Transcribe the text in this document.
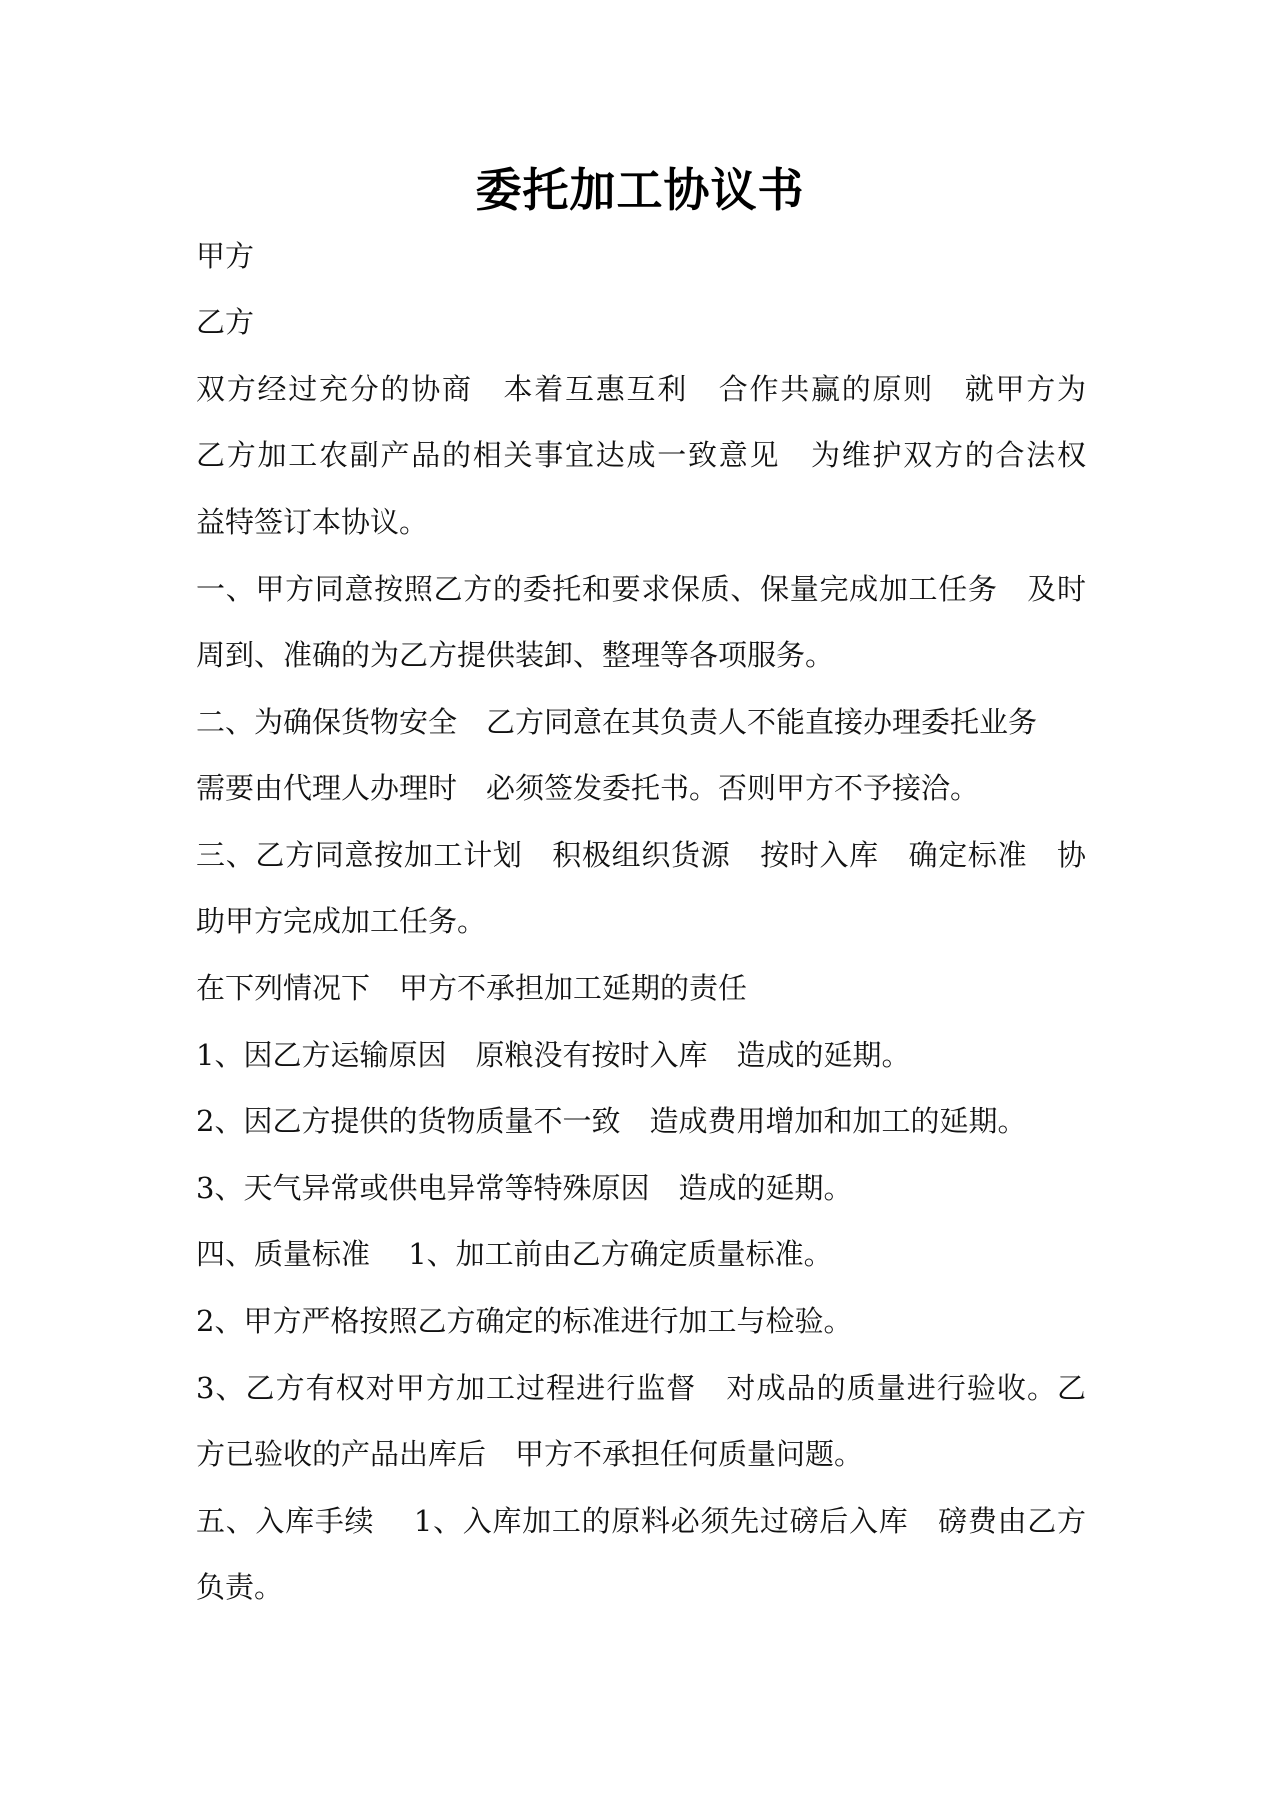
委托加工协议书
甲方
乙方
双方经过充分的协商　本着互惠互利　合作共赢的原则　就甲方为
乙方加工农副产品的相关事宜达成一致意见　为维护双方的合法权
益特签订本协议。
一、甲方同意按照乙方的委托和要求保质、保量完成加工任务　及时
周到、准确的为乙方提供装卸、整理等各项服务。
二、为确保货物安全　乙方同意在其负责人不能直接办理委托业务
需要由代理人办理时　必须签发委托书。否则甲方不予接洽。
三、乙方同意按加工计划　积极组织货源　按时入库　确定标准　协
助甲方完成加工任务。
在下列情况下　甲方不承担加工延期的责任
1、因乙方运输原因　原粮没有按时入库　造成的延期。
2、因乙方提供的货物质量不一致　造成费用增加和加工的延期。
3、天气异常或供电异常等特殊原因　造成的延期。
四、质量标准　 1、加工前由乙方确定质量标准。
2、甲方严格按照乙方确定的标准进行加工与检验。
3、乙方有权对甲方加工过程进行监督　对成品的质量进行验收。乙
方已验收的产品出库后　甲方不承担任何质量问题。
五、入库手续　 1、入库加工的原料必须先过磅后入库　磅费由乙方
负责。
